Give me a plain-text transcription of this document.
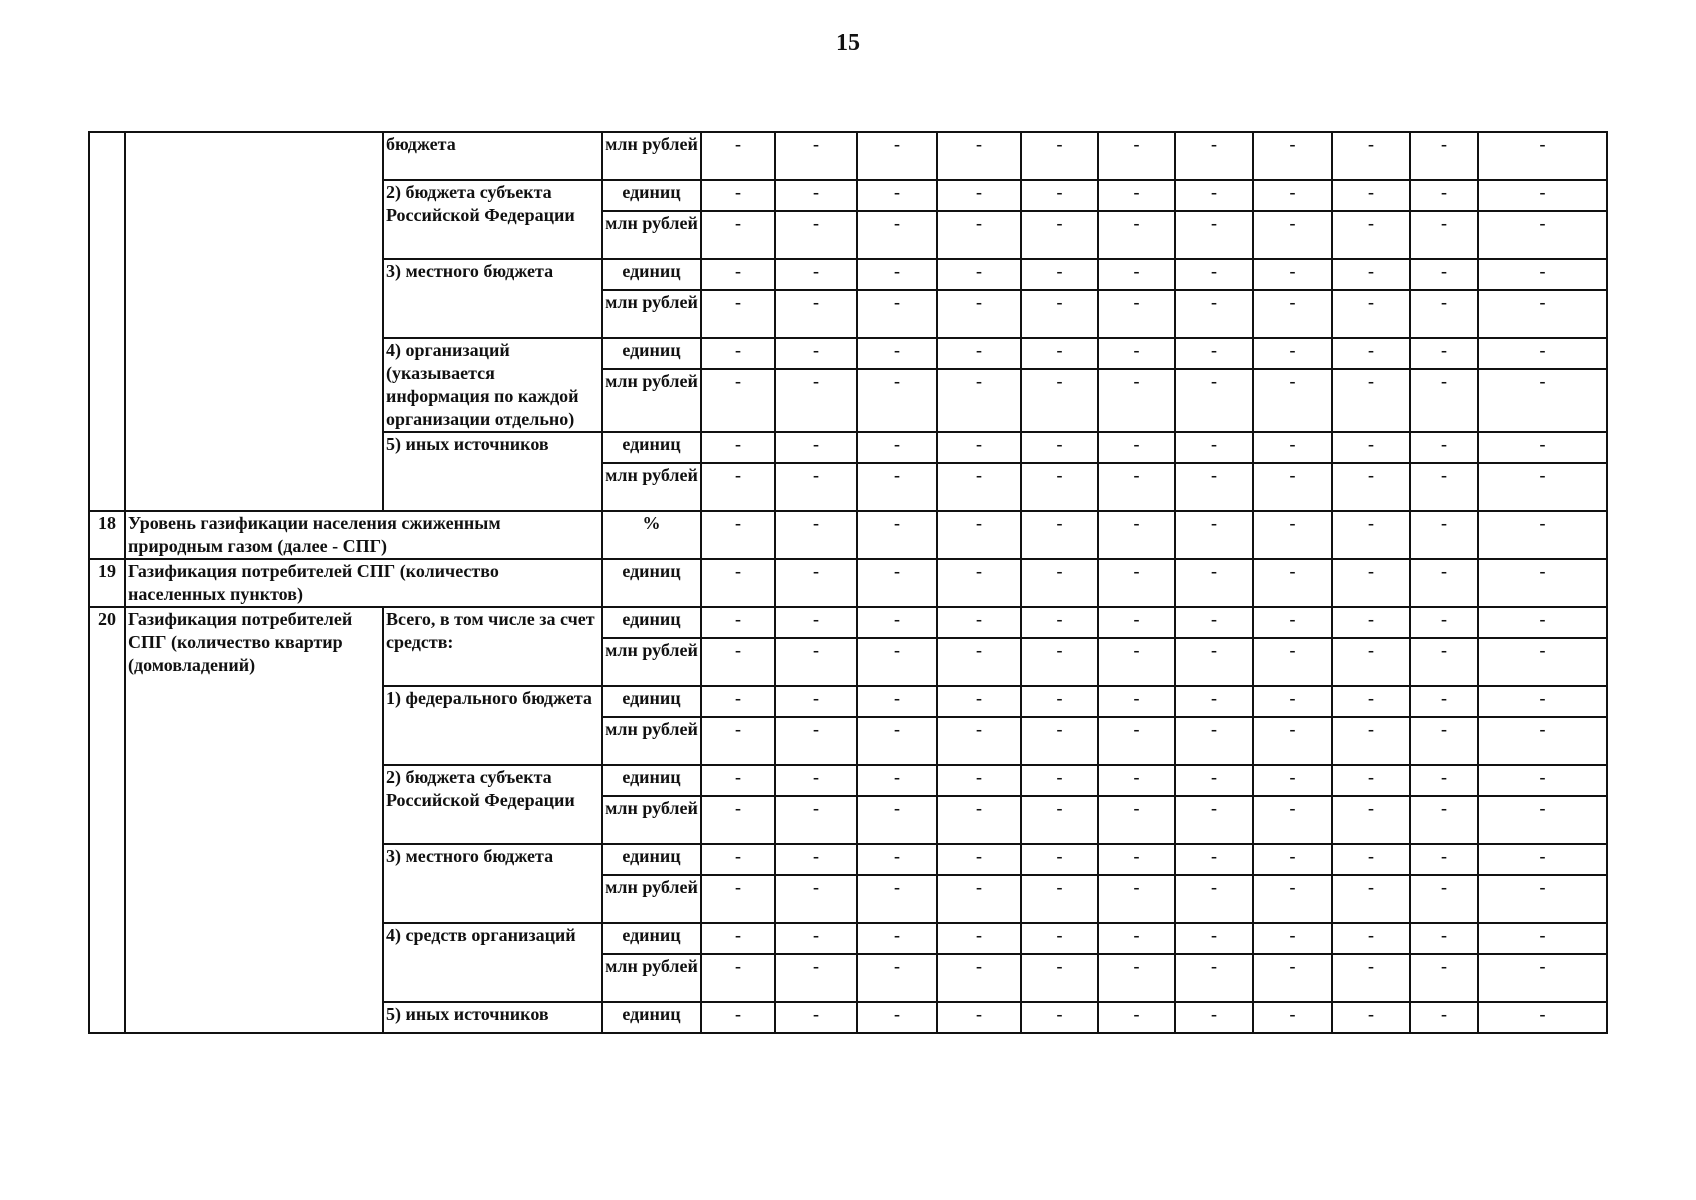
15
		бюджета	млн рублей	-	-	-	-	-	-	-	-	-	-	-
		2) бюджета субъекта Российской Федерации	единиц	-	-	-	-	-	-	-	-	-	-	-
			млн рублей	-	-	-	-	-	-	-	-	-	-	-
		3) местного бюджета	единиц	-	-	-	-	-	-	-	-	-	-	-
			млн рублей	-	-	-	-	-	-	-	-	-	-	-
		4) организаций (указывается информация по каждой организации отдельно)	единиц	-	-	-	-	-	-	-	-	-	-	-
			млн рублей	-	-	-	-	-	-	-	-	-	-	-
		5) иных источников	единиц	-	-	-	-	-	-	-	-	-	-	-
			млн рублей	-	-	-	-	-	-	-	-	-	-	-
18	Уровень газификации населения сжиженным природным газом (далее - СПГ)		%	-	-	-	-	-	-	-	-	-	-	-
19	Газификация потребителей СПГ (количество населенных пунктов)		единиц	-	-	-	-	-	-	-	-	-	-	-
20	Газификация потребителей СПГ (количество квартир (домовладений)	Всего, в том числе за счет средств:	единиц	-	-	-	-	-	-	-	-	-	-	-
			млн рублей	-	-	-	-	-	-	-	-	-	-	-
		1) федерального бюджета	единиц	-	-	-	-	-	-	-	-	-	-	-
			млн рублей	-	-	-	-	-	-	-	-	-	-	-
		2) бюджета субъекта Российской Федерации	единиц	-	-	-	-	-	-	-	-	-	-	-
			млн рублей	-	-	-	-	-	-	-	-	-	-	-
		3) местного бюджета	единиц	-	-	-	-	-	-	-	-	-	-	-
			млн рублей	-	-	-	-	-	-	-	-	-	-	-
		4) средств организаций	единиц	-	-	-	-	-	-	-	-	-	-	-
			млн рублей	-	-	-	-	-	-	-	-	-	-	-
		5) иных источников	единиц	-	-	-	-	-	-	-	-	-	-	-
